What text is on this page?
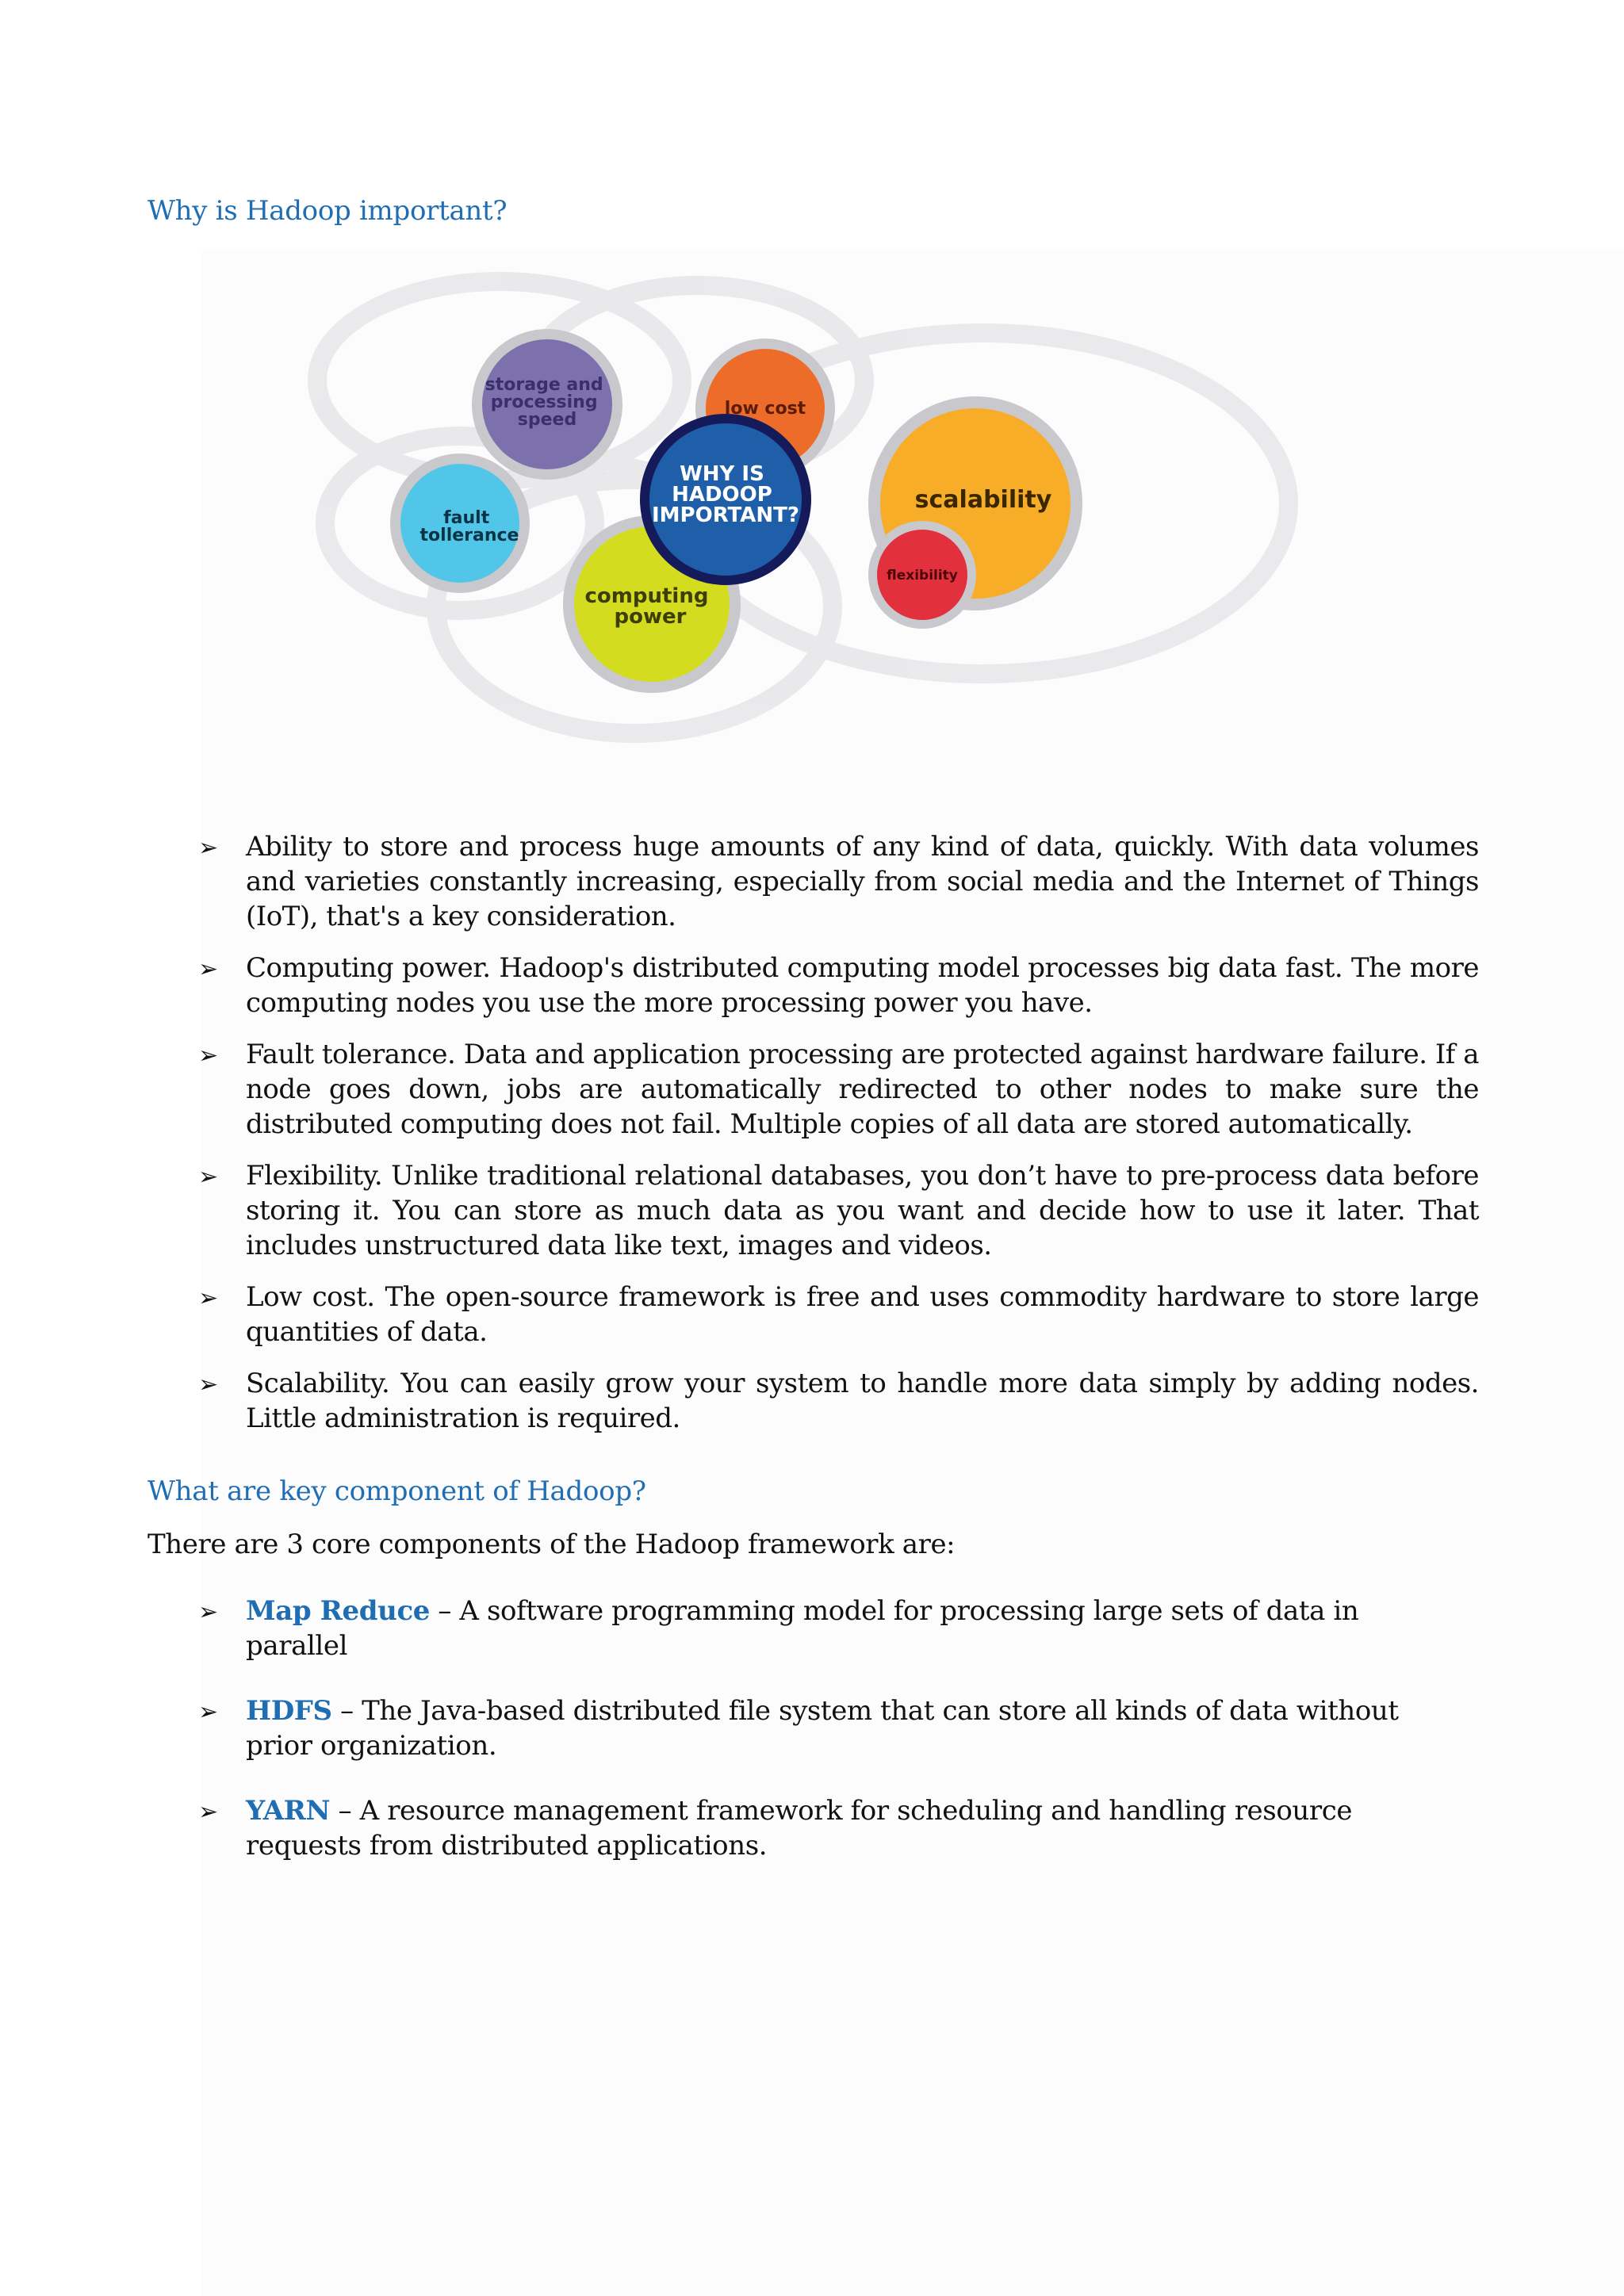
Why is Hadoop important?
storage and processing speed
low cost
scalability
flexibility
computing power
fault tollerance
WHY IS HADOOP IMPORTANT?
➢ Ability to store and process huge amounts of any kind of data, quickly. With data volumes and varieties constantly increasing, especially from social media and the Internet of Things (IoT), that's a key consideration.
➢ Computing power. Hadoop's distributed computing model processes big data fast. The more computing nodes you use the more processing power you have.
➢ Fault tolerance. Data and application processing are protected against hardware failure. If a node goes down, jobs are automatically redirected to other nodes to make sure the distributed computing does not fail. Multiple copies of all data are stored automatically.
➢ Flexibility. Unlike traditional relational databases, you don’t have to pre-process data before storing it. You can store as much data as you want and decide how to use it later. That includes unstructured data like text, images and videos.
➢ Low cost. The open-source framework is free and uses commodity hardware to store large quantities of data.
➢ Scalability. You can easily grow your system to handle more data simply by adding nodes. Little administration is required.
What are key component of Hadoop?

There are 3 core components of the Hadoop framework are:

➢ Map Reduce – A software programming model for processing large sets of data in parallel
➢ HDFS – The Java-based distributed file system that can store all kinds of data without prior organization.
➢ YARN – A resource management framework for scheduling and handling resource requests from distributed applications.
